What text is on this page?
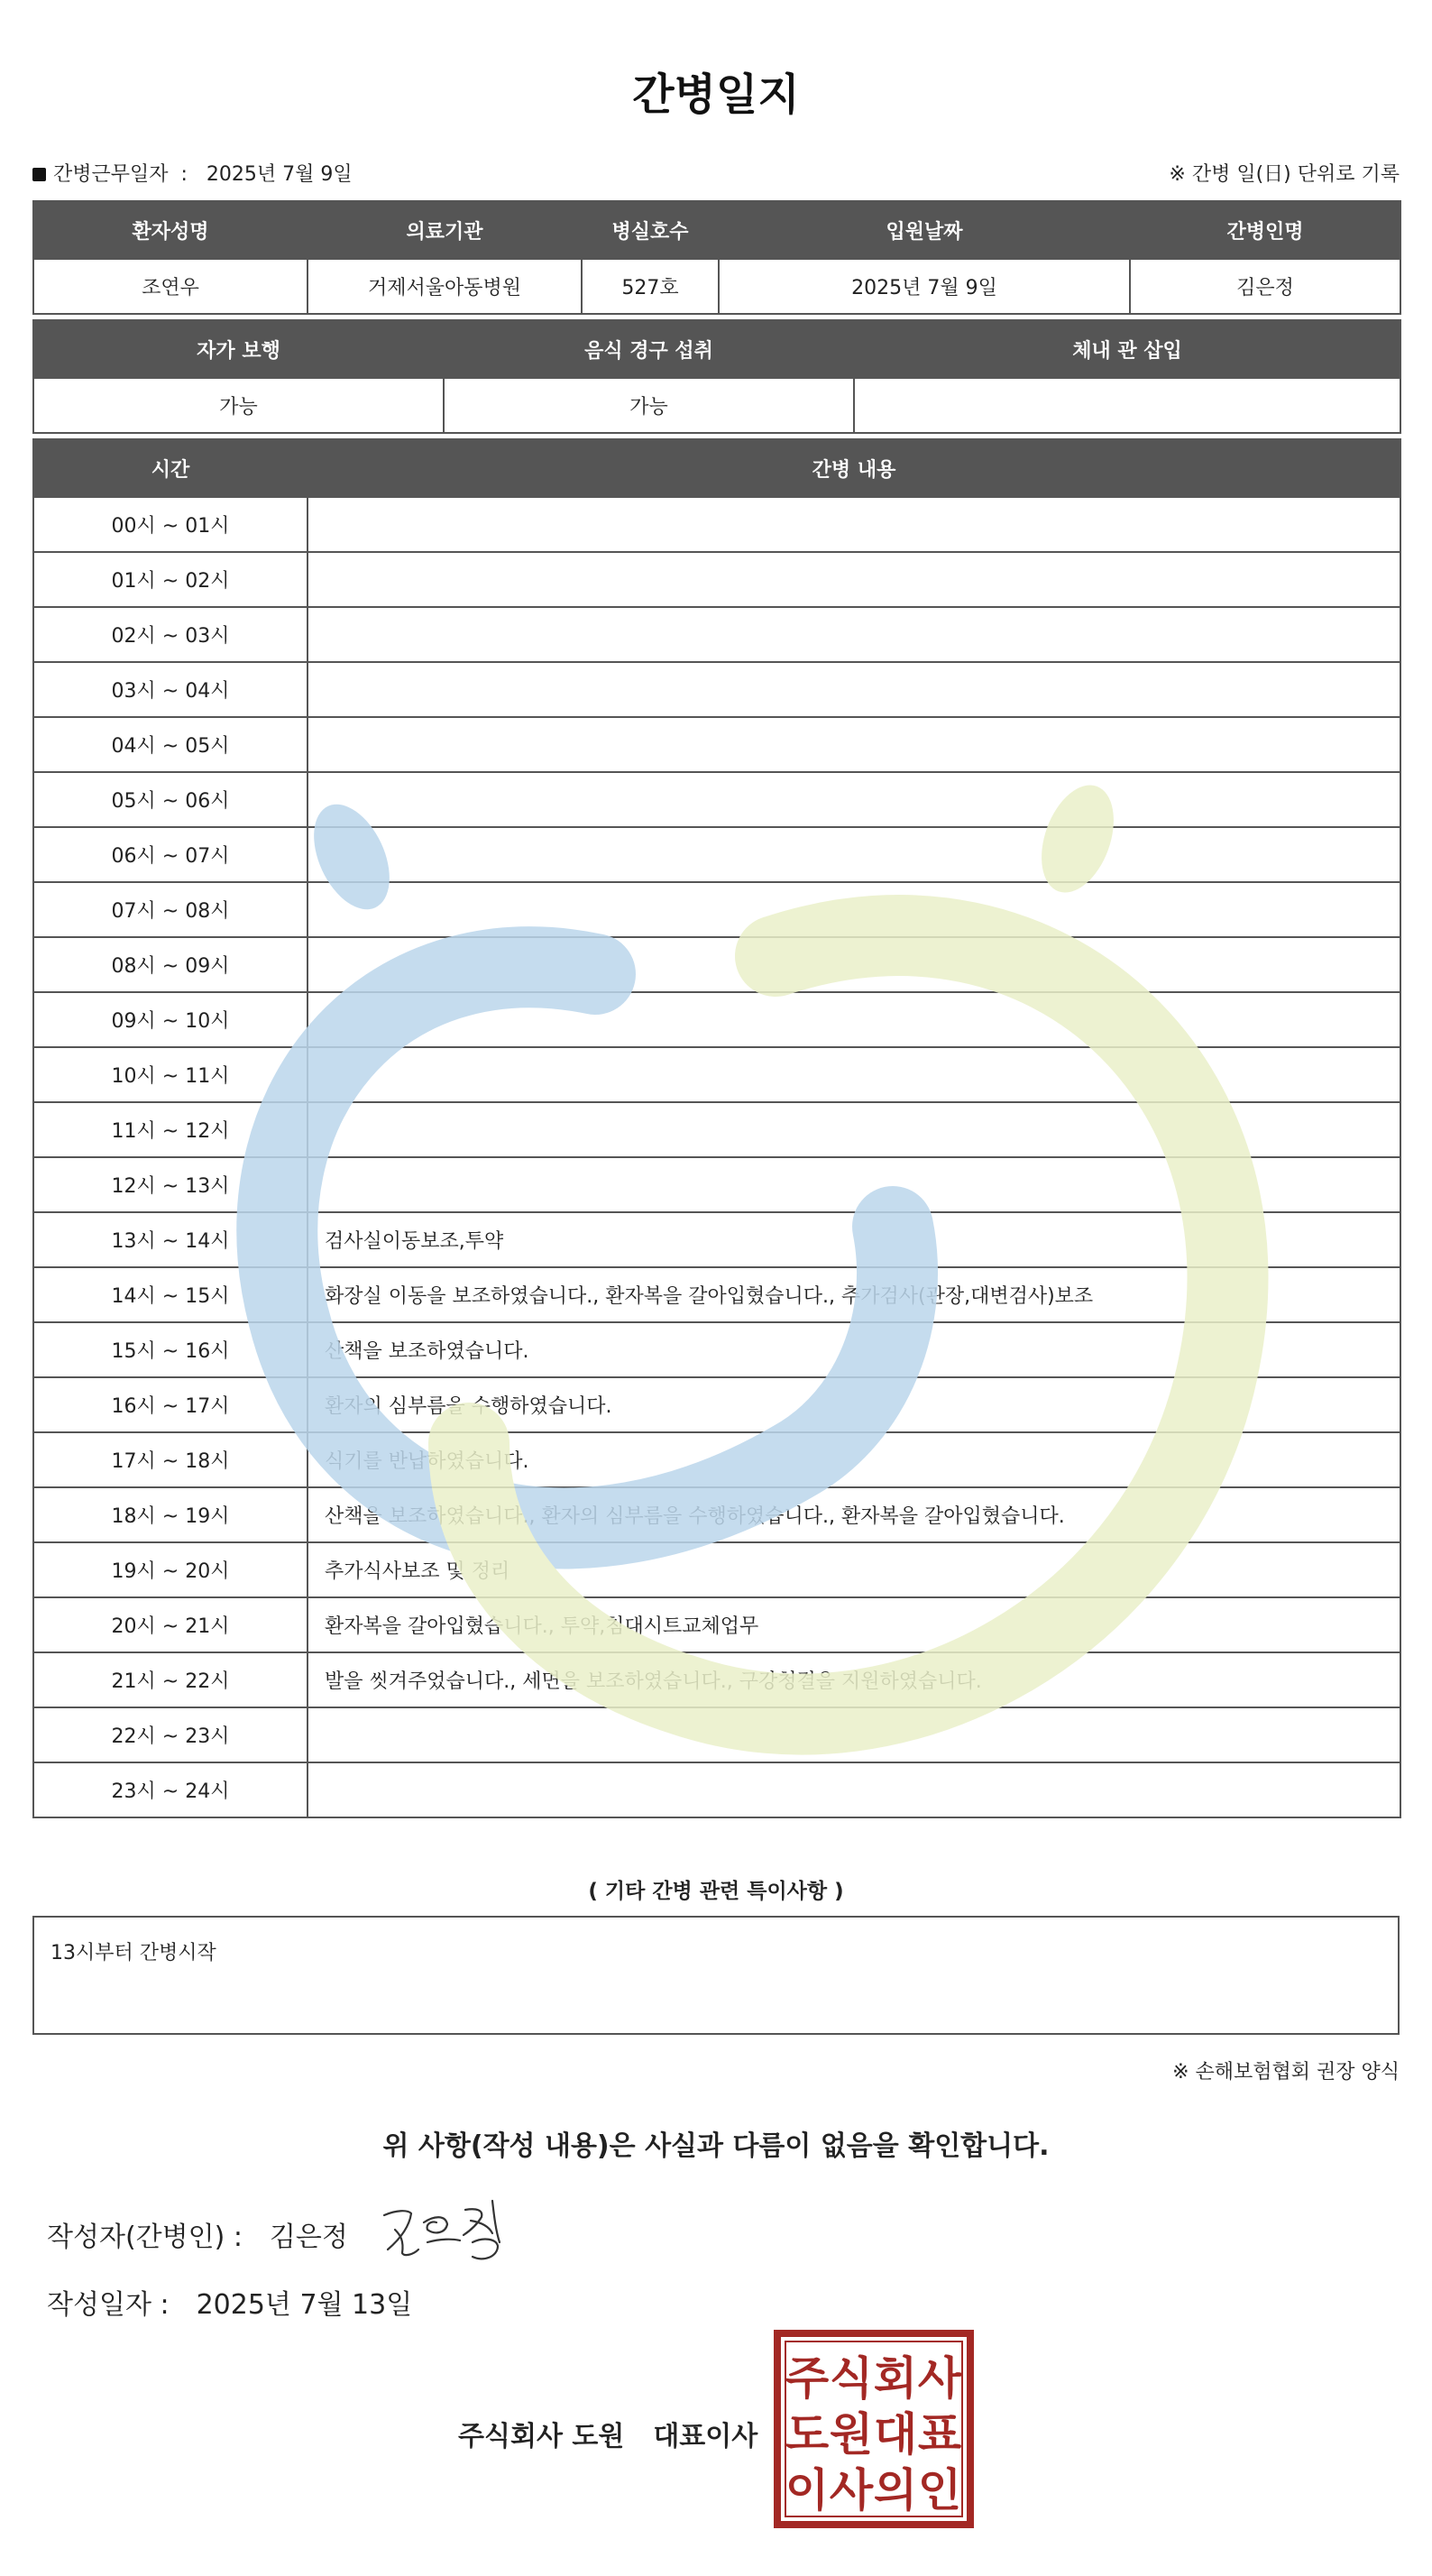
간병일지
간병근무일자  :   2025년 7월 9일	※ 간병 일(日) 단위로 기록
환자성명	의료기관	병실호수	입원날짜	간병인명
조연우	거제서울아동병원	527호	2025년 7월 9일	김은정
자가 보행	음식 경구 섭취	체내 관 삽입
가능	가능	
시간	간병 내용
00시 ~ 01시	
01시 ~ 02시	
02시 ~ 03시	
03시 ~ 04시	
04시 ~ 05시	
05시 ~ 06시	
06시 ~ 07시	
07시 ~ 08시	
08시 ~ 09시	
09시 ~ 10시	
10시 ~ 11시	
11시 ~ 12시	
12시 ~ 13시	
13시 ~ 14시	검사실이동보조,투약
14시 ~ 15시	화장실 이동을 보조하였습니다., 환자복을 갈아입혔습니다., 추가검사(관장,대변검사)보조
15시 ~ 16시	산책을 보조하였습니다.
16시 ~ 17시	환자의 심부름을 수행하였습니다.
17시 ~ 18시	식기를 반납하였습니다.
18시 ~ 19시	산책을 보조하였습니다., 환자의 심부름을 수행하였습니다., 환자복을 갈아입혔습니다.
19시 ~ 20시	추가식사보조 및 정리
20시 ~ 21시	환자복을 갈아입혔습니다., 투약,침대시트교체업무
21시 ~ 22시	발을 씻겨주었습니다., 세면을 보조하였습니다., 구강청결을 지원하였습니다.
22시 ~ 23시	
23시 ~ 24시	
( 기타 간병 관련 특이사항 )
13시부터 간병시작
※ 손해보험협회 권장 양식
위 사항(작성 내용)은 사실과 다름이 없음을 확인합니다.
작성자(간병인) : 김은정
작성일자 : 2025년 7월 13일
주식회사 도원 대표이사
주 식 회 사
도 원 대 표
이 사 의 인
